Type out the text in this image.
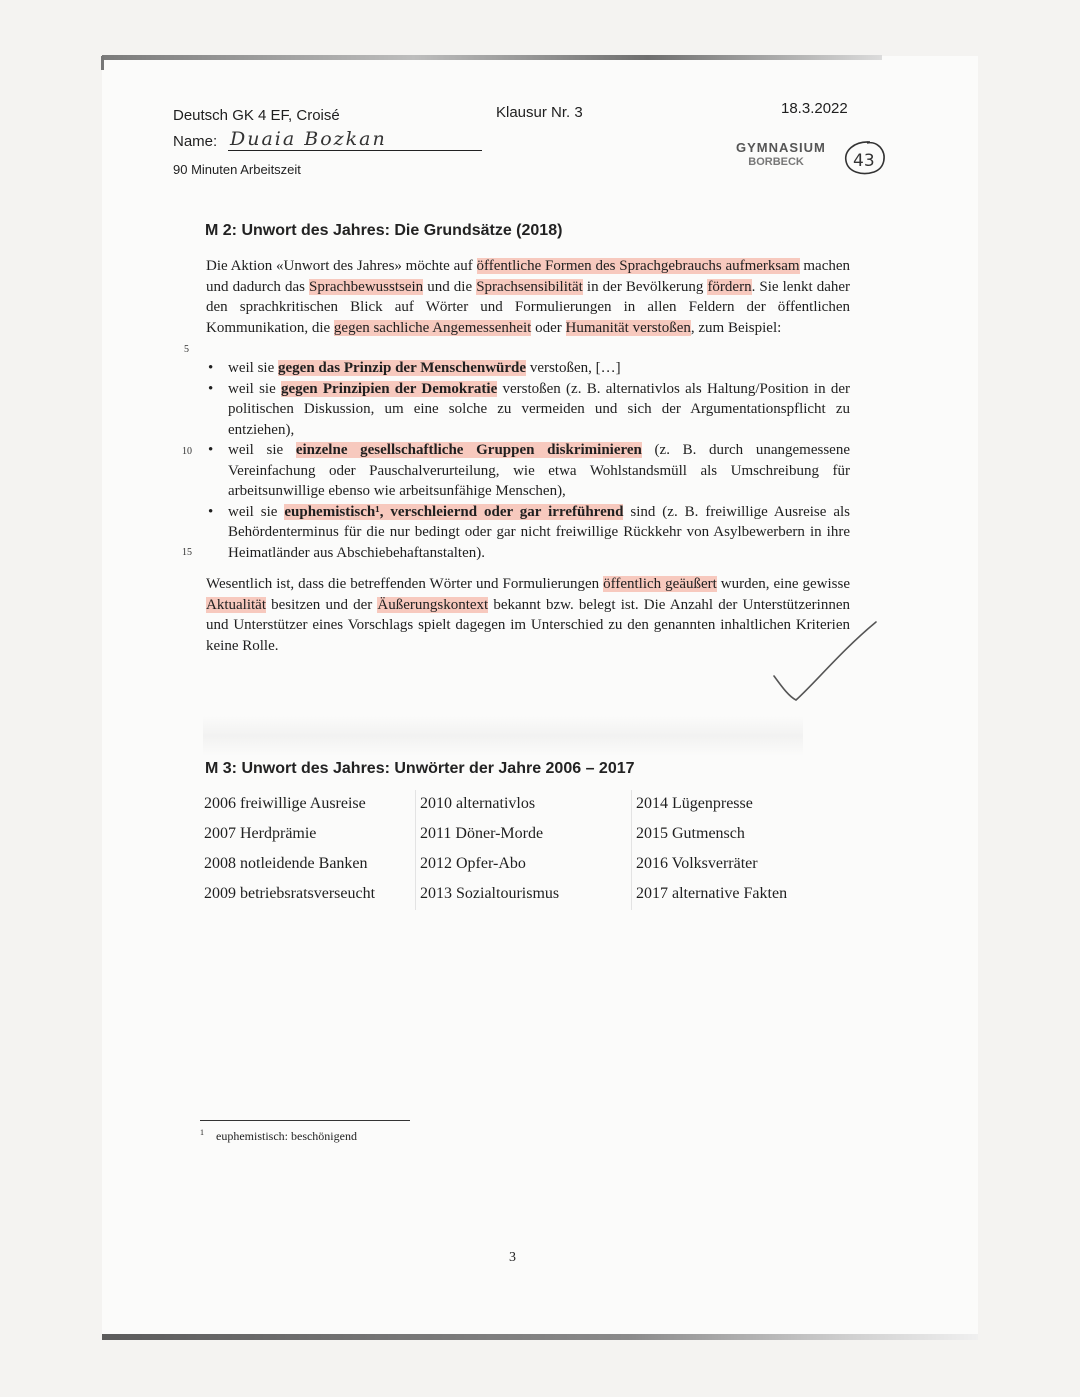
Deutsch GK 4 EF, Croisé	Klausur Nr. 3	18.3.2022
Name: Duaia Bozkan
90 Minuten Arbeitszeit
GYMNASIUM
BORBECK	43
M 2: Unwort des Jahres: Die Grundsätze (2018)
Die Aktion «Unwort des Jahres» möchte auf öffentliche Formen des Sprachgebrauchs aufmerksam machen und dadurch das Sprachbewusstsein und die Sprachsensibilität in der Bevölkerung fördern. Sie lenkt daher den sprachkritischen Blick auf Wörter und Formulierungen in allen Feldern der öffentlichen Kommunikation, die gegen sachliche Angemessenheit oder Humanität verstoßen, zum Beispiel:
5
10
15
• weil sie gegen das Prinzip der Menschenwürde verstoßen, […]
• weil sie gegen Prinzipien der Demokratie verstoßen (z. B. alternativlos als Haltung/Position in der politischen Diskussion, um eine solche zu vermeiden und sich der Argumentationspflicht zu entziehen),
• weil sie einzelne gesellschaftliche Gruppen diskriminieren (z. B. durch unangemessene Vereinfachung oder Pauschalverurteilung, wie etwa Wohlstandsmüll als Umschreibung für arbeitsunwillige ebenso wie arbeitsunfähige Menschen),
• weil sie euphemistisch¹, verschleiernd oder gar irreführend sind (z. B. freiwillige Ausreise als Behördenterminus für die nur bedingt oder gar nicht freiwillige Rückkehr von Asylbewerbern in ihre Heimatländer aus Abschiebehaftanstalten).
Wesentlich ist, dass die betreffenden Wörter und Formulierungen öffentlich geäußert wurden, eine gewisse Aktualität besitzen und der Äußerungskontext bekannt bzw. belegt ist. Die Anzahl der Unterstützerinnen und Unterstützer eines Vorschlags spielt dagegen im Unterschied zu den genannten inhaltlichen Kriterien keine Rolle.
M 3: Unwort des Jahres: Unwörter der Jahre 2006 – 2017
2006 freiwillige Ausreise	2010 alternativlos	2014 Lügenpresse
2007 Herdprämie	2011 Döner-Morde	2015 Gutmensch
2008 notleidende Banken	2012 Opfer-Abo	2016 Volksverräter
2009 betriebsratsverseucht	2013 Sozialtourismus	2017 alternative Fakten
$^1$ euphemistisch: beschönigend
3
